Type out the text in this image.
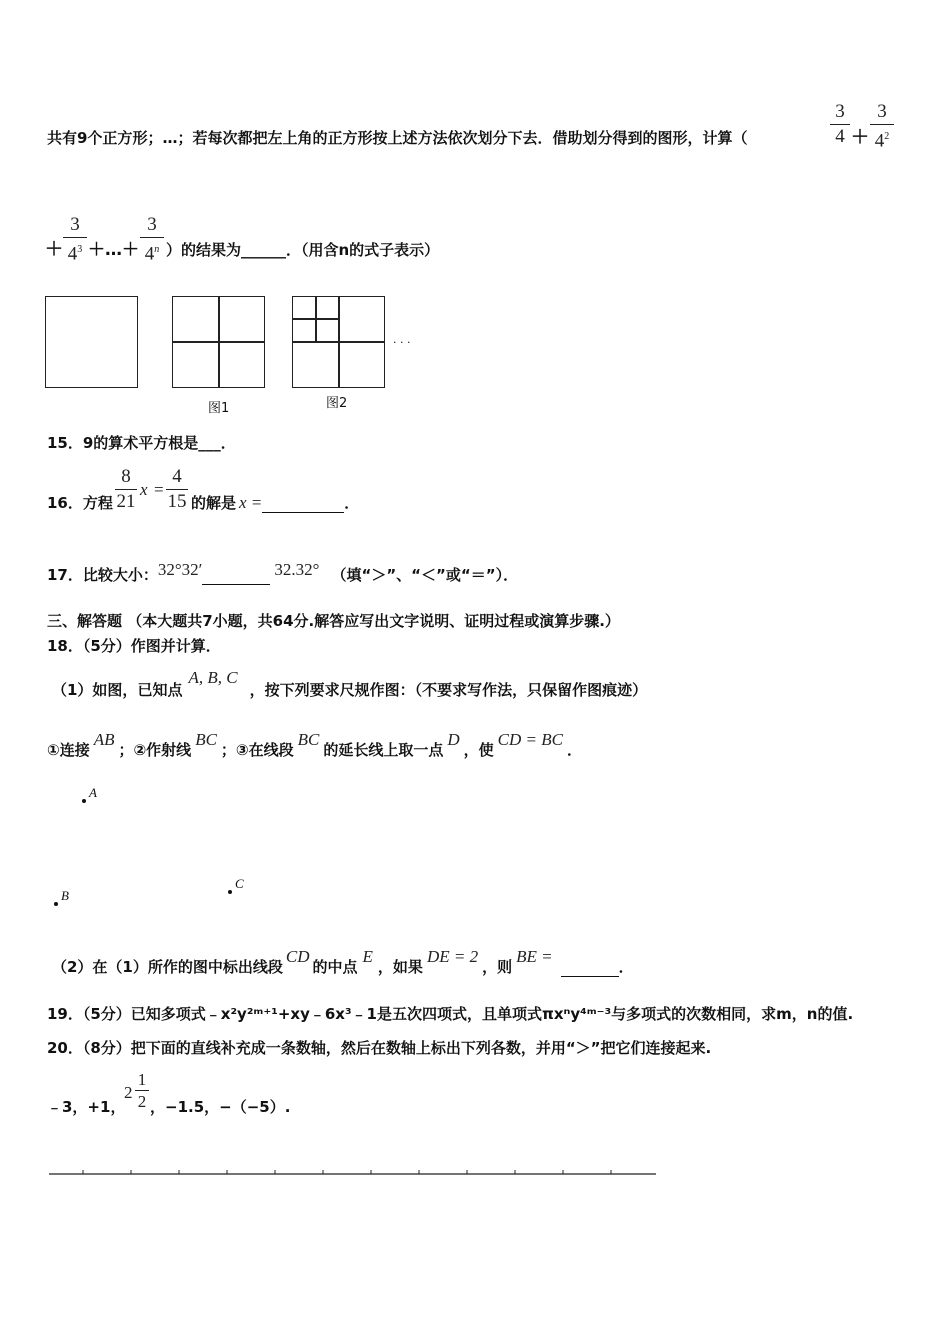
共有9个正方形；…；若每次都把左上角的正方形按上述方法依次划分下去．借助划分得到的图形，计算（
3
4 ＋
3
$4^2$
＋
3
$4^3$ ＋…＋
3
4$^n$ ）的结果为______．（用含n的式子表示）
图1	图2
· · ·
15．9的算术平方根是___．
16．方程
8
21
x =
4
15 的解是 x =	．
17．比较大小：32°32′	32.32° （填“＞”、“＜”或“＝”）．
三、解答题 （本大题共7小题，共64分.解答应写出文字说明、证明过程或演算步骤.）
18．（5分）作图并计算．
（1）如图，已知点A, B, C，按下列要求尺规作图：（不要求写作法，只保留作图痕迹）
①连接AB；②作射线BC；③在线段BC的延长线上取一点D，使CD = BC．
A
B
C
（2）在（1）所作的图中标出线段CD的中点E，如果DE = 2，则BE =．
19．（5分）已知多项式﹣x²y²ᵐ⁺¹+xy﹣6x³﹣1是五次四项式，且单项式πxⁿy⁴ᵐ⁻³与多项式的次数相同，求m，n的值.
20．（8分）把下面的直线补充成一条数轴，然后在数轴上标出下列各数，并用“＞”把它们连接起来.
﹣3，+1，
2
1
2 ，−1.5，−（−5）.
